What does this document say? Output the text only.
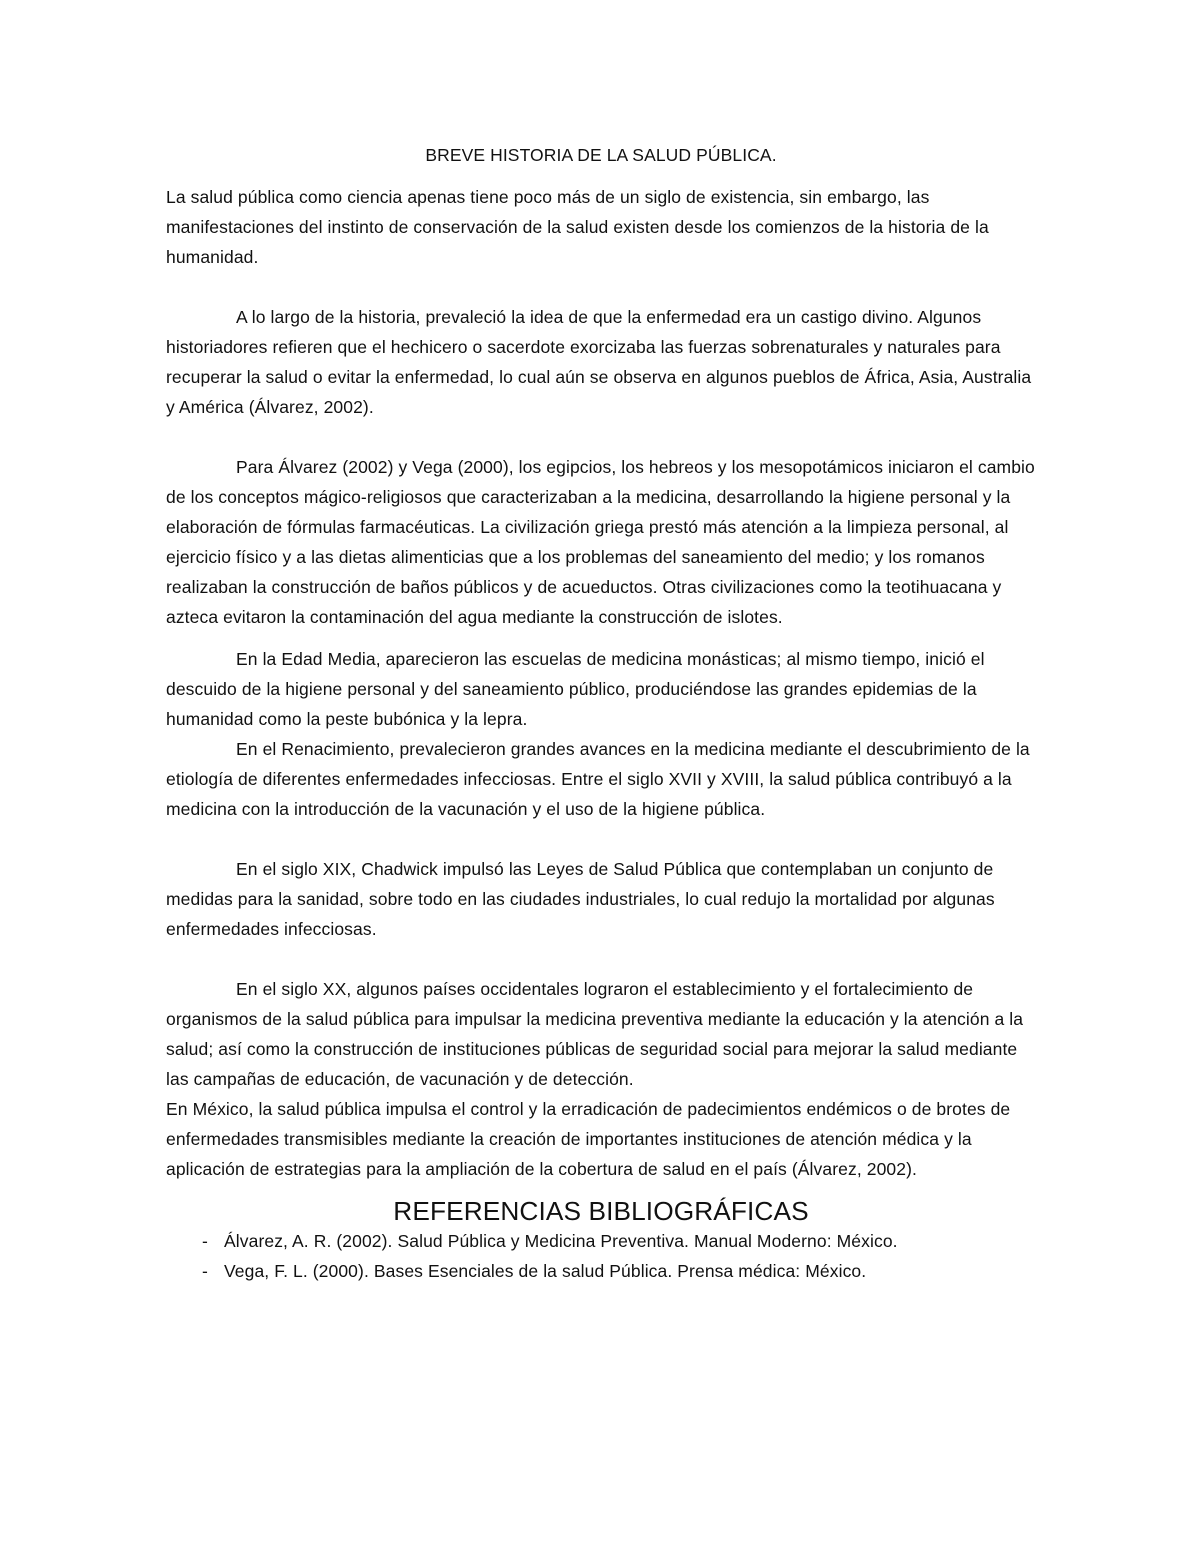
BREVE HISTORIA DE LA SALUD PÚBLICA.

La salud pública como ciencia apenas tiene poco más de un siglo de existencia, sin embargo, las manifestaciones del instinto de conservación de la salud existen desde los comienzos de la historia de la humanidad.

A lo largo de la historia, prevaleció la idea de que la enfermedad era un castigo divino. Algunos historiadores refieren que el hechicero o sacerdote exorcizaba las fuerzas sobrenaturales y naturales para recuperar la salud o evitar la enfermedad, lo cual aún se observa en algunos pueblos de África, Asia, Australia y América (Álvarez, 2002).

Para Álvarez (2002) y Vega (2000), los egipcios, los hebreos y los mesopotámicos iniciaron el cambio de los conceptos mágico-religiosos que caracterizaban a la medicina, desarrollando la higiene personal y la elaboración de fórmulas farmacéuticas. La civilización griega prestó más atención a la limpieza personal, al ejercicio físico y a las dietas alimenticias que a los problemas del saneamiento del medio; y los romanos realizaban la construcción de baños públicos y de acueductos. Otras civilizaciones como la teotihuacana y azteca evitaron la contaminación del agua mediante la construcción de islotes.

En la Edad Media, aparecieron las escuelas de medicina monásticas; al mismo tiempo, inició el descuido de la higiene personal y del saneamiento público, produciéndose las grandes epidemias de la humanidad como la peste bubónica y la lepra.

En el Renacimiento, prevalecieron grandes avances en la medicina mediante el descubrimiento de la etiología de diferentes enfermedades infecciosas. Entre el siglo XVII y XVIII, la salud pública contribuyó a la medicina con la introducción de la vacunación y el uso de la higiene pública.

En el siglo XIX, Chadwick impulsó las Leyes de Salud Pública que contemplaban un conjunto de medidas para la sanidad, sobre todo en las ciudades industriales, lo cual redujo la mortalidad por algunas enfermedades infecciosas.

En el siglo XX, algunos países occidentales lograron el establecimiento y el fortalecimiento de organismos de la salud pública para impulsar la medicina preventiva mediante la educación y la atención a la salud; así como la construcción de instituciones públicas de seguridad social para mejorar la salud mediante las campañas de educación, de vacunación y de detección.

En México, la salud pública impulsa el control y la erradicación de padecimientos endémicos o de brotes de enfermedades transmisibles mediante la creación de importantes instituciones de atención médica y la aplicación de estrategias para la ampliación de la cobertura de salud en el país (Álvarez, 2002).

REFERENCIAS BIBLIOGRÁFICAS
- Álvarez, A. R. (2002). Salud Pública y Medicina Preventiva. Manual Moderno: México.
- Vega, F. L. (2000). Bases Esenciales de la salud Pública. Prensa médica: México.
